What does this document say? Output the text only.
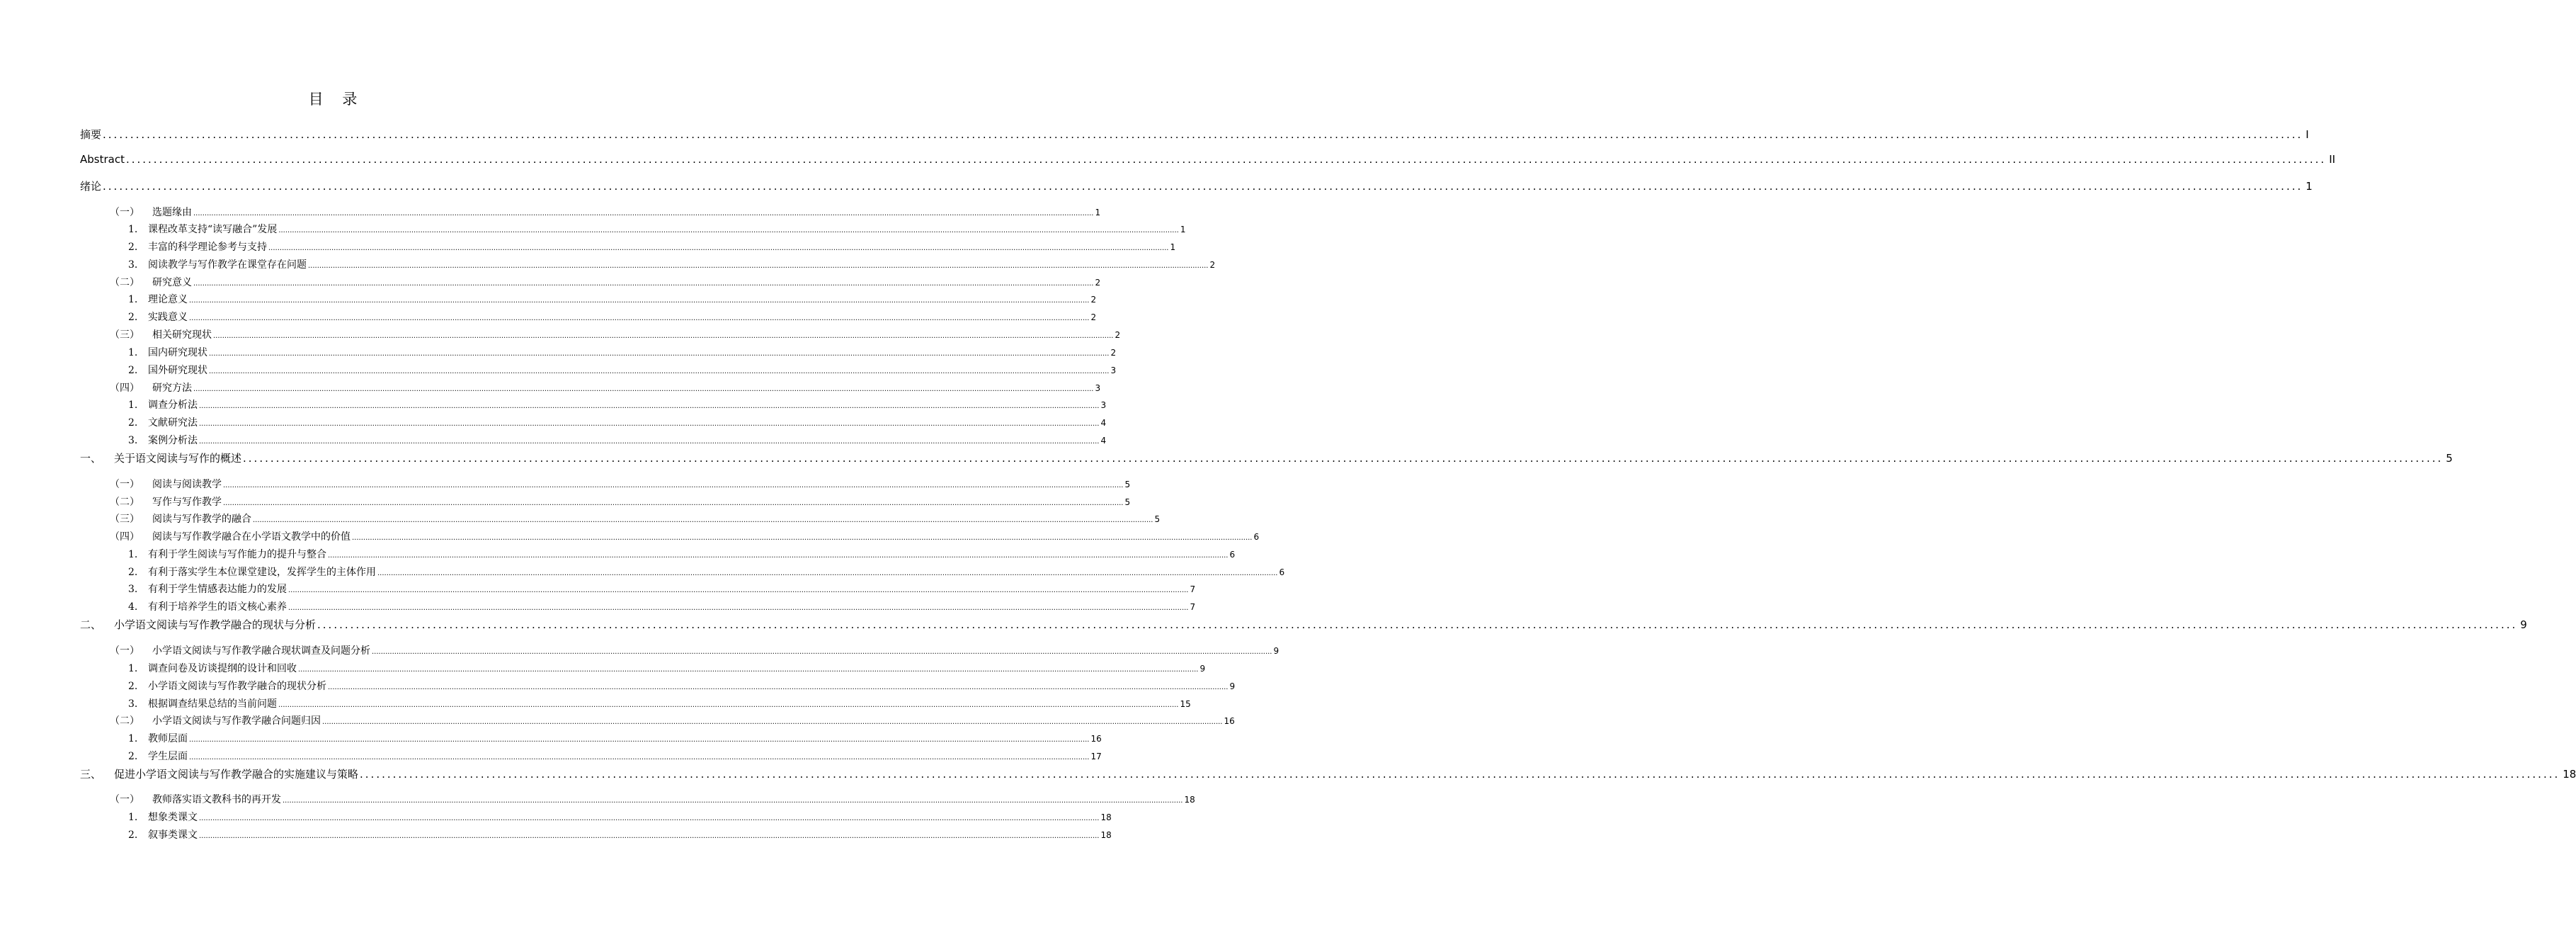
目 录
摘要 ................................................................................................................................................................................................................................................................................................................................................................................................................ I
Abstract ................................................................................................................................................................................................................................................................................................................................................................................................................ II
绪论 ................................................................................................................................................................................................................................................................................................................................................................................................................ 1
（一） 选题缘由 ................................................................................................................................................................................................................................................................................................................................................................................................................ 1
1. 课程改革支持“读写融合”发展 ................................................................................................................................................................................................................................................................................................................................................................................................................ 1
2. 丰富的科学理论参考与支持 ................................................................................................................................................................................................................................................................................................................................................................................................................ 1
3. 阅读教学与写作教学在课堂存在问题 ................................................................................................................................................................................................................................................................................................................................................................................................................ 2
（二） 研究意义 ................................................................................................................................................................................................................................................................................................................................................................................................................ 2
1. 理论意义 ................................................................................................................................................................................................................................................................................................................................................................................................................ 2
2. 实践意义 ................................................................................................................................................................................................................................................................................................................................................................................................................ 2
（三） 相关研究现状 ................................................................................................................................................................................................................................................................................................................................................................................................................ 2
1. 国内研究现状 ................................................................................................................................................................................................................................................................................................................................................................................................................ 2
2. 国外研究现状 ................................................................................................................................................................................................................................................................................................................................................................................................................ 3
（四） 研究方法 ................................................................................................................................................................................................................................................................................................................................................................................................................ 3
1. 调查分析法 ................................................................................................................................................................................................................................................................................................................................................................................................................ 3
2. 文献研究法 ................................................................................................................................................................................................................................................................................................................................................................................................................ 4
3. 案例分析法 ................................................................................................................................................................................................................................................................................................................................................................................................................ 4
一、 关于语文阅读与写作的概述 ................................................................................................................................................................................................................................................................................................................................................................................................................ 5
（一） 阅读与阅读教学 ................................................................................................................................................................................................................................................................................................................................................................................................................ 5
（二） 写作与写作教学 ................................................................................................................................................................................................................................................................................................................................................................................................................ 5
（三） 阅读与写作教学的融合 ................................................................................................................................................................................................................................................................................................................................................................................................................ 5
（四） 阅读与写作教学融合在小学语文教学中的价值 ................................................................................................................................................................................................................................................................................................................................................................................................................ 6
1. 有利于学生阅读与写作能力的提升与整合 ................................................................................................................................................................................................................................................................................................................................................................................................................ 6
2. 有利于落实学生本位课堂建设，发挥学生的主体作用 ................................................................................................................................................................................................................................................................................................................................................................................................................ 6
3. 有利于学生情感表达能力的发展 ................................................................................................................................................................................................................................................................................................................................................................................................................ 7
4. 有利于培养学生的语文核心素养 ................................................................................................................................................................................................................................................................................................................................................................................................................ 7
二、 小学语文阅读与写作教学融合的现状与分析 ................................................................................................................................................................................................................................................................................................................................................................................................................ 9
（一） 小学语文阅读与写作教学融合现状调查及问题分析 ................................................................................................................................................................................................................................................................................................................................................................................................................ 9
1. 调查问卷及访谈提纲的设计和回收 ................................................................................................................................................................................................................................................................................................................................................................................................................ 9
2. 小学语文阅读与写作教学融合的现状分析 ................................................................................................................................................................................................................................................................................................................................................................................................................ 9
3. 根据调查结果总结的当前问题 ................................................................................................................................................................................................................................................................................................................................................................................................................ 15
（二） 小学语文阅读与写作教学融合问题归因 ................................................................................................................................................................................................................................................................................................................................................................................................................ 16
1. 教师层面 ................................................................................................................................................................................................................................................................................................................................................................................................................ 16
2. 学生层面 ................................................................................................................................................................................................................................................................................................................................................................................................................ 17
三、 促进小学语文阅读与写作教学融合的实施建议与策略 ................................................................................................................................................................................................................................................................................................................................................................................................................ 18
（一） 教师落实语文教科书的再开发 ................................................................................................................................................................................................................................................................................................................................................................................................................ 18
1. 想象类课文 ................................................................................................................................................................................................................................................................................................................................................................................................................ 18
2. 叙事类课文 ................................................................................................................................................................................................................................................................................................................................................................................................................ 18
